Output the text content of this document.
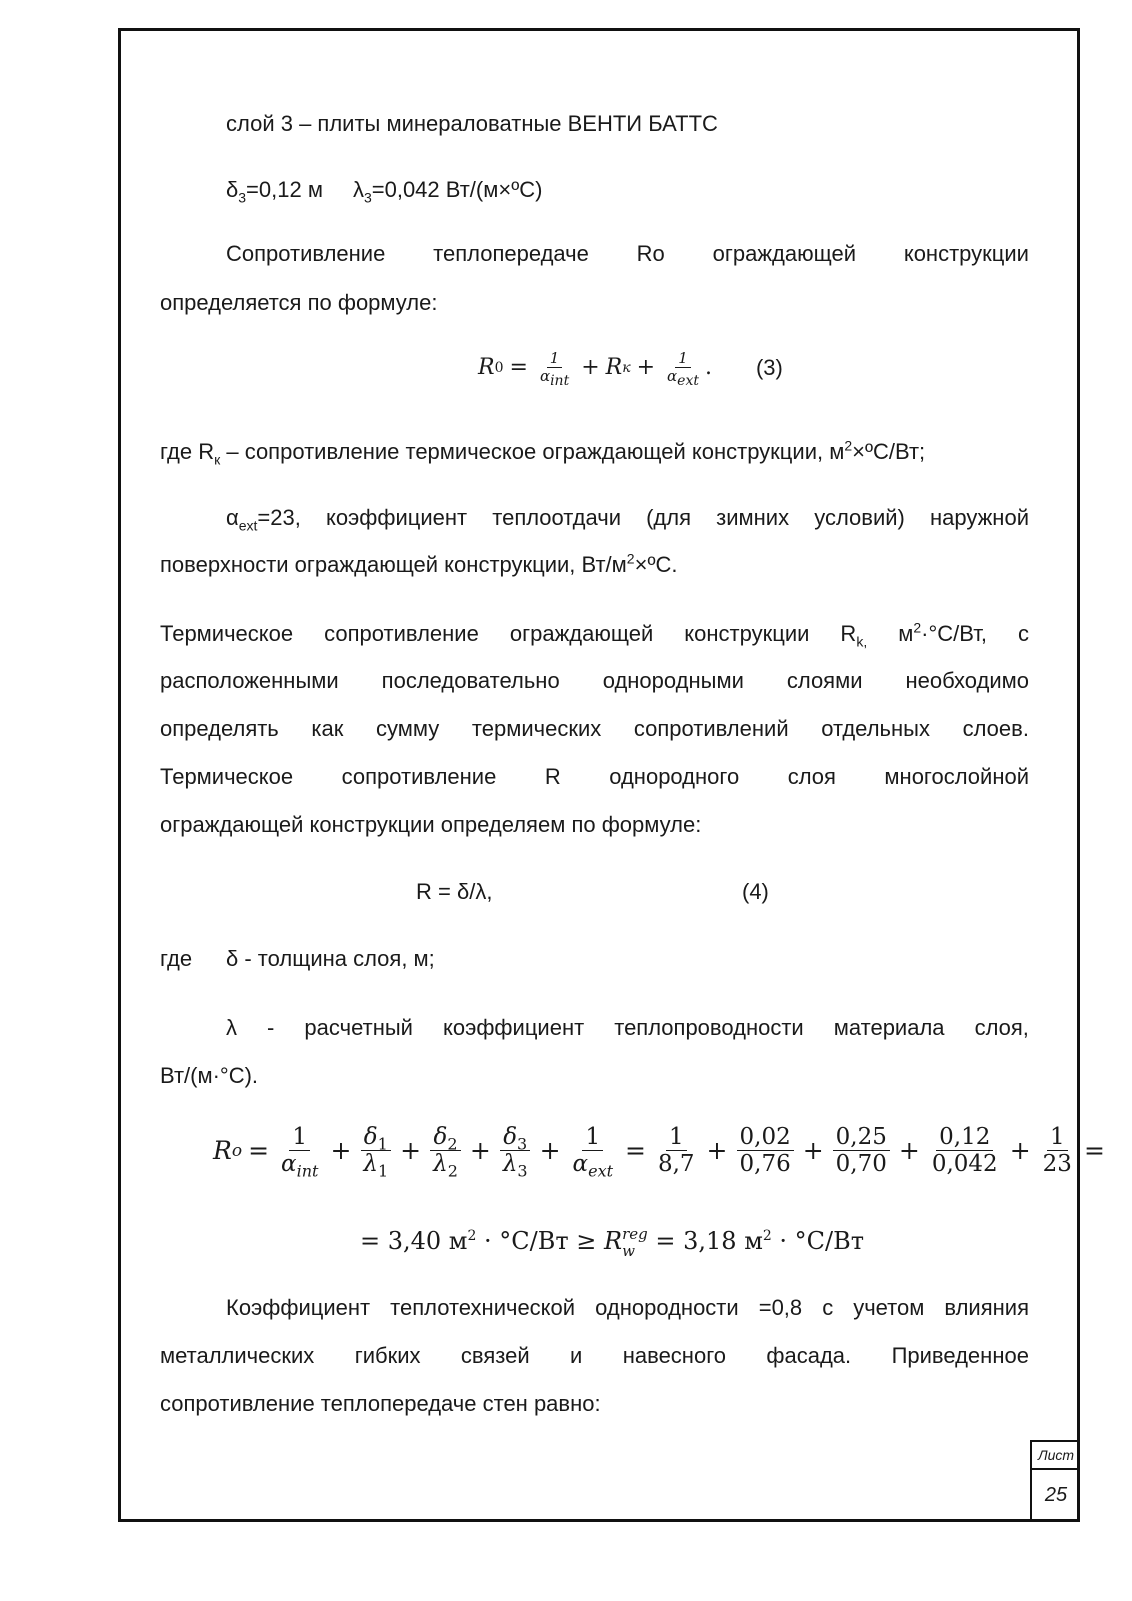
слой 3 – плиты минераловатные ВЕНТИ БАТТС
$\delta_3=0,12$ м $\lambda_3=0,042$ Вт/(м×ºС)
Сопротивление теплопередаче Ro ограждающей конструкции
определяется по формуле:
R $0 = \frac{1}{\alpha_{int}} + R$ $к + \frac{1}{\alpha_{ext}}$ . (3)
где $R_к$ – сопротивление термическое ограждающей конструкции, $м^2\times ºС/Вт$;
$\alpha_{ext}=23$, коэффициент теплоотдачи (для зимних условий) наружной
поверхности ограждающей конструкции, $Вт/м^2\times ºС$.
Термическое сопротивление ограждающей конструкции $R_{k,}$ $м^2\cdot^\circ С/Вт$, с
расположенными последовательно однородными слоями необходимо
определять как сумму термических сопротивлений отдельных слоев.
Термическое сопротивление R однородного слоя многослойной
ограждающей конструкции определяем по формуле:
R = δ/λ,	(4)
где δ - толщина слоя, м;
λ - расчетный коэффициент теплопроводности материала слоя,
Вт/(м·°С).
R $o = \frac{1}{\alpha_{int}} + \frac{\delta_1}{\lambda_1} + \frac{\delta_2}{\lambda_2} + \frac{\delta_3}{\lambda_3} + \frac{1}{\alpha_{ext}} = \frac{1}{8,7} + \frac{0,02}{0,76} + \frac{0,25}{0,70} + \frac{0,12}{0,042} + \frac{1}{23}$ =
= 3,40 $м^2 \cdot ^\circ С/Вт \ge R$ reg
w = 3,18 $м^2 \cdot ^\circ С/Вт$
Коэффициент теплотехнической однородности =0,8 с учетом влияния
металлических гибких связей и навесного фасада. Приведенное
сопротивление теплопередаче стен равно:
Лист
25
